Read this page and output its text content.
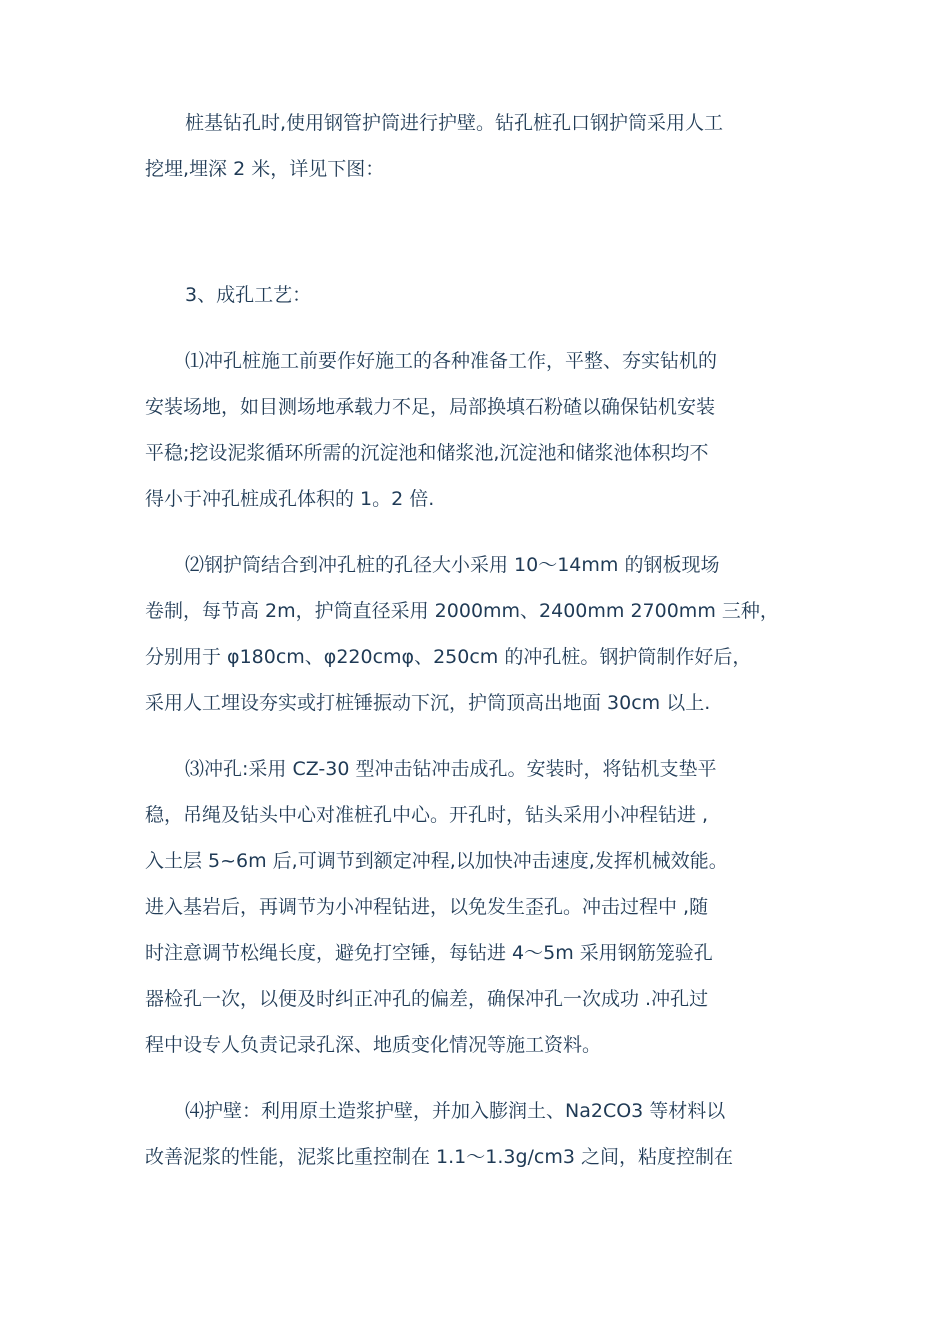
桩基钻孔时,使用钢管护筒进行护壁。钻孔桩孔口钢护筒采用人工
挖埋,埋深 2 米，详见下图：

3、成孔工艺：

⑴冲孔桩施工前要作好施工的各种准备工作，平整、夯实钻机的
安装场地，如目测场地承载力不足，局部换填石粉碴以确保钻机安装
平稳;挖设泥浆循环所需的沉淀池和储浆池,沉淀池和储浆池体积均不
得小于冲孔桩成孔体积的 1。2 倍.

⑵钢护筒结合到冲孔桩的孔径大小采用 10～14mm 的钢板现场
卷制，每节高 2m，护筒直径采用 2000mm、2400mm 2700mm 三种，
分别用于 φ180cm、φ220cmφ、250cm 的冲孔桩。钢护筒制作好后，
采用人工埋设夯实或打桩锤振动下沉，护筒顶高出地面 30cm 以上.

⑶冲孔:采用 CZ-30 型冲击钻冲击成孔。安装时，将钻机支垫平
稳，吊绳及钻头中心对准桩孔中心。开孔时，钻头采用小冲程钻进 ,
入土层 5~6m 后,可调节到额定冲程,以加快冲击速度,发挥机械效能。
进入基岩后，再调节为小冲程钻进，以免发生歪孔。冲击过程中 ,随
时注意调节松绳长度，避免打空锤，每钻进 4～5m 采用钢筋笼验孔
器检孔一次，以便及时纠正冲孔的偏差，确保冲孔一次成功 .冲孔过
程中设专人负责记录孔深、地质变化情况等施工资料。

⑷护壁：利用原土造浆护壁，并加入膨润土、Na2CO3 等材料以
改善泥浆的性能，泥浆比重控制在 1.1～1.3g/cm3 之间，粘度控制在
